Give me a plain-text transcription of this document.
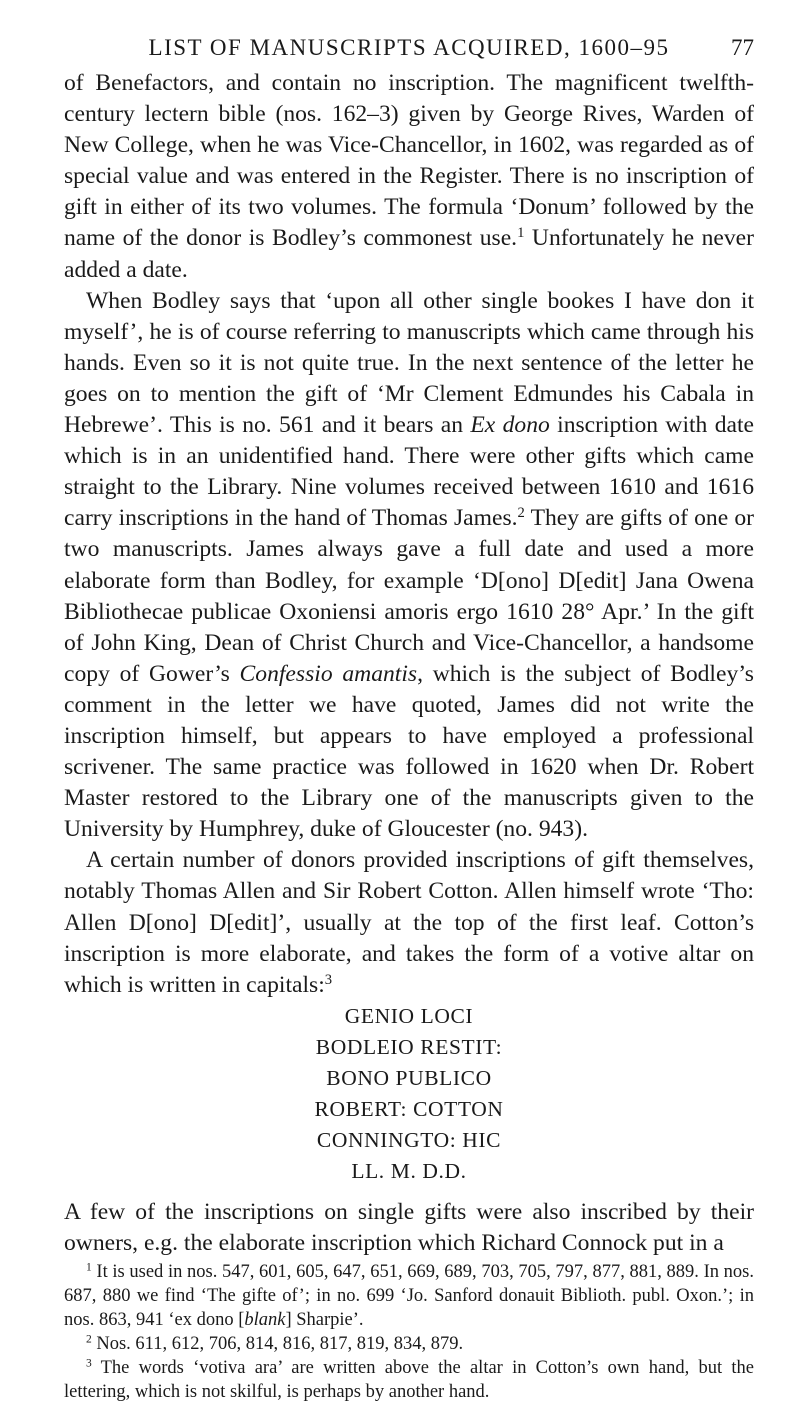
LIST OF MANUSCRIPTS ACQUIRED, 1600–95	77

of Benefactors, and contain no inscription. The magnificent twelfth-century lectern bible (nos. 162–3) given by George Rives, Warden of New College, when he was Vice-Chancellor, in 1602, was regarded as of special value and was entered in the Register. There is no inscription of gift in either of its two volumes. The formula ‘Donum’ followed by the name of the donor is Bodley’s commonest use.$^1$ Unfortunately he never added a date.

When Bodley says that ‘upon all other single bookes I have don it myself’, he is of course referring to manuscripts which came through his hands. Even so it is not quite true. In the next sentence of the letter he goes on to mention the gift of ‘Mr Clement Edmundes his Cabala in Hebrewe’. This is no. 561 and it bears an Ex dono inscription with date which is in an unidentified hand. There were other gifts which came straight to the Library. Nine volumes received between 1610 and 1616 carry inscriptions in the hand of Thomas James.$^2$ They are gifts of one or two manuscripts. James always gave a full date and used a more elaborate form than Bodley, for example ‘D[ono] D[edit] Jana Owena Bibliothecae publicae Oxoniensi amoris ergo 1610 28° Apr.’ In the gift of John King, Dean of Christ Church and Vice-Chancellor, a handsome copy of Gower’s Confessio amantis, which is the subject of Bodley’s comment in the letter we have quoted, James did not write the inscription himself, but appears to have employed a professional scrivener. The same practice was followed in 1620 when Dr. Robert Master restored to the Library one of the manuscripts given to the University by Humphrey, duke of Gloucester (no. 943).

A certain number of donors provided inscriptions of gift themselves, notably Thomas Allen and Sir Robert Cotton. Allen himself wrote ‘Tho: Allen D[ono] D[edit]’, usually at the top of the first leaf. Cotton’s inscription is more elaborate, and takes the form of a votive altar on which is written in capitals:$^3$

GENIO LOCI
BODLEIO RESTIT:
BONO PUBLICO
ROBERT: COTTON
CONNINGTO: HIC
LL. M. D.D.

A few of the inscriptions on single gifts were also inscribed by their owners, e.g. the elaborate inscription which Richard Connock put in a

$^1$ It is used in nos. 547, 601, 605, 647, 651, 669, 689, 703, 705, 797, 877, 881, 889. In nos. 687, 880 we find ‘The gifte of’; in no. 699 ‘Jo. Sanford donauit Biblioth. publ. Oxon.’; in nos. 863, 941 ‘ex dono [blank] Sharpie’.

$^2$ Nos. 611, 612, 706, 814, 816, 817, 819, 834, 879.

$^3$ The words ‘votiva ara’ are written above the altar in Cotton’s own hand, but the lettering, which is not skilful, is perhaps by another hand.
